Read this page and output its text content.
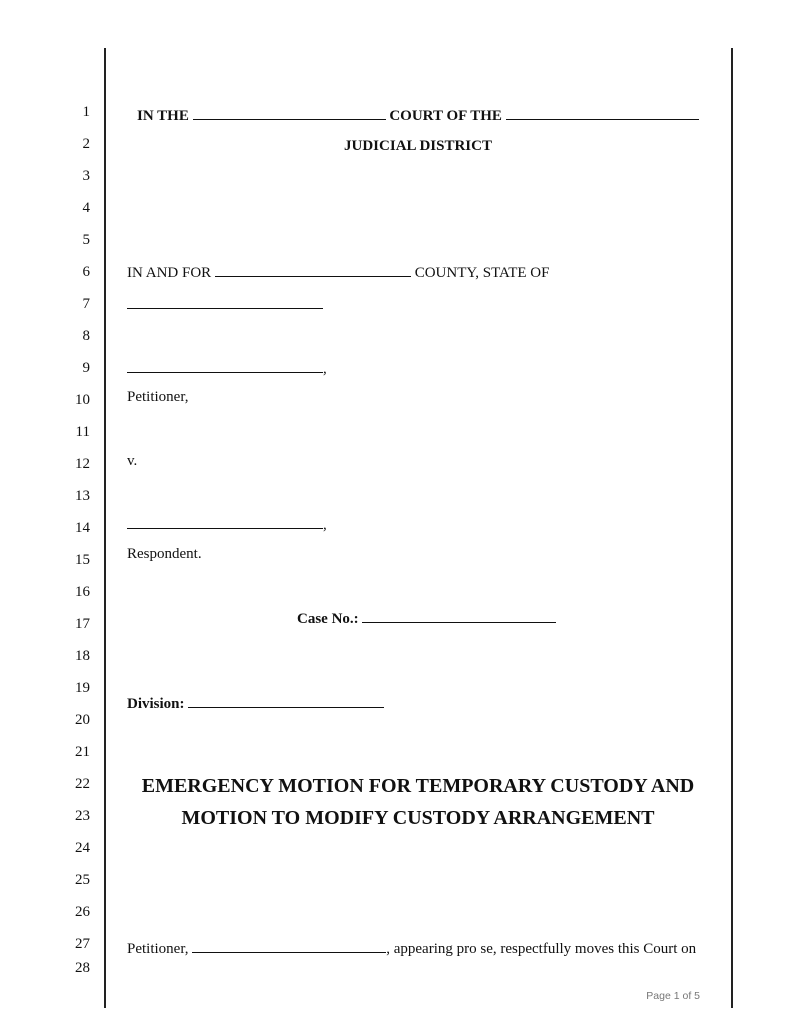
1
2
3
4
5
6
7
8
9
10
11
12
13
14
15
16
17
18
19
20
21
22
23
24
25
26
27
28
IN THE	COURT OF THE
JUDICIAL DISTRICT
IN AND FOR	COUNTY, STATE OF
,
Petitioner,
v.
,
Respondent.
Case No.:
Division:
EMERGENCY MOTION FOR TEMPORARY CUSTODY AND
MOTION TO MODIFY CUSTODY ARRANGEMENT
Petitioner,	, appearing pro se, respectfully moves this Court on
Page 1 of 5
